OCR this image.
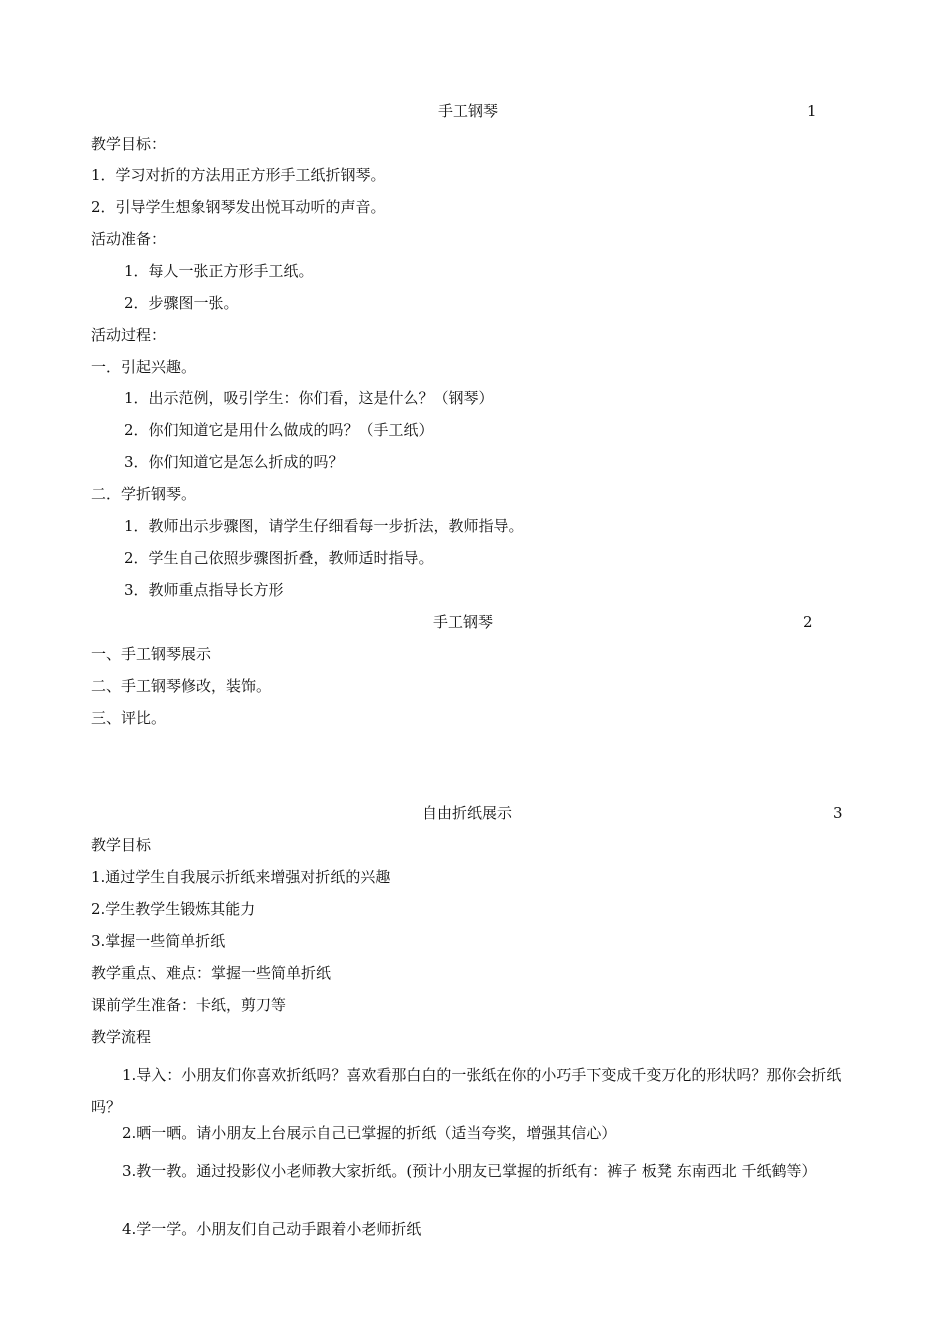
手工钢琴	1
教学目标：
1．学习对折的方法用正方形手工纸折钢琴。
2．引导学生想象钢琴发出悦耳动听的声音。
活动准备：
1．每人一张正方形手工纸。
2．步骤图一张。
活动过程：
一．引起兴趣。
1．出示范例，吸引学生：你们看，这是什么？（钢琴）
2．你们知道它是用什么做成的吗？（手工纸）
3．你们知道它是怎么折成的吗？
二．学折钢琴。
1．教师出示步骤图，请学生仔细看每一步折法，教师指导。
2．学生自己依照步骤图折叠，教师适时指导。
3．教师重点指导长方形
手工钢琴	2
一、手工钢琴展示
二、手工钢琴修改，装饰。
三、评比。
自由折纸展示	3
教学目标
1.通过学生自我展示折纸来增强对折纸的兴趣
2.学生教学生锻炼其能力
3.掌握一些简单折纸
教学重点、难点：掌握一些简单折纸
课前学生准备：卡纸，剪刀等
教学流程
1.导入：小朋友们你喜欢折纸吗？喜欢看那白白的一张纸在你的小巧手下变成千变万化的形状吗？那你会折纸吗？
2.晒一晒。请小朋友上台展示自己已掌握的折纸（适当夸奖，增强其信心）
3.教一教。通过投影仪小老师教大家折纸。(预计小朋友已掌握的折纸有：裤子 板凳 东南西北 千纸鹤等）
4.学一学。小朋友们自己动手跟着小老师折纸
